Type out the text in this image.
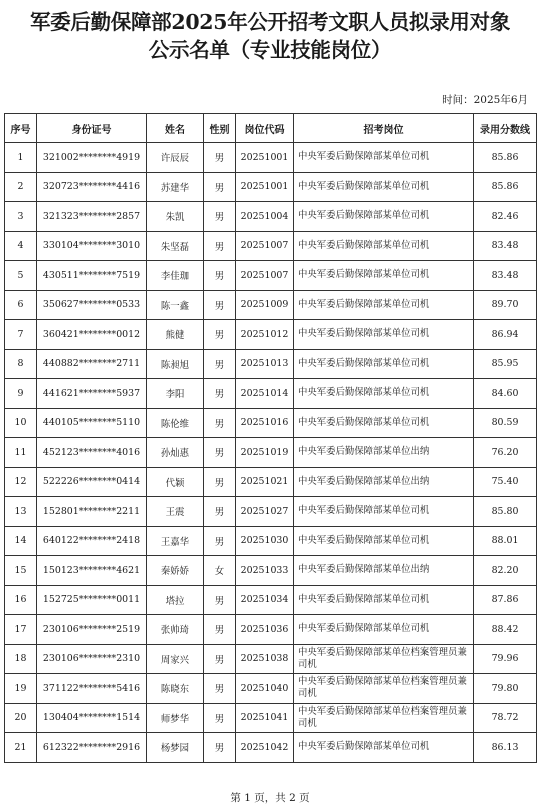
军委后勤保障部2025年公开招考文职人员拟录用对象
公示名单（专业技能岗位）
时间：2025年6月
序号	身份证号	姓名	性别	岗位代码	招考岗位	录用分数线
1	321002********4919	许辰辰	男	20251001	中央军委后勤保障部某单位司机	85.86
2	320723********4416	苏建华	男	20251001	中央军委后勤保障部某单位司机	85.86
3	321323********2857	朱凯	男	20251004	中央军委后勤保障部某单位司机	82.46
4	330104********3010	朱坚磊	男	20251007	中央军委后勤保障部某单位司机	83.48
5	430511********7519	李佳珈	男	20251007	中央军委后勤保障部某单位司机	83.48
6	350627********0533	陈一鑫	男	20251009	中央军委后勤保障部某单位司机	89.70
7	360421********0012	熊健	男	20251012	中央军委后勤保障部某单位司机	86.94
8	440882********2711	陈昶旭	男	20251013	中央军委后勤保障部某单位司机	85.95
9	441621********5937	李阳	男	20251014	中央军委后勤保障部某单位司机	84.60
10	440105********5110	陈伦维	男	20251016	中央军委后勤保障部某单位司机	80.59
11	452123********4016	孙灿惠	男	20251019	中央军委后勤保障部某单位出纳	76.20
12	522226********0414	代颖	男	20251021	中央军委后勤保障部某单位出纳	75.40
13	152801********2211	王震	男	20251027	中央军委后勤保障部某单位司机	85.80
14	640122********2418	王嘉华	男	20251030	中央军委后勤保障部某单位司机	88.01
15	150123********4621	秦娇娇	女	20251033	中央军委后勤保障部某单位出纳	82.20
16	152725********0011	塔拉	男	20251034	中央军委后勤保障部某单位司机	87.86
17	230106********2519	张帅琦	男	20251036	中央军委后勤保障部某单位司机	88.42
18	230106********2310	周家兴	男	20251038	中央军委后勤保障部某单位档案管理员兼司机	79.96
19	371122********5416	陈晓东	男	20251040	中央军委后勤保障部某单位档案管理员兼司机	79.80
20	130404********1514	师梦华	男	20251041	中央军委后勤保障部某单位档案管理员兼司机	78.72
21	612322********2916	杨梦园	男	20251042	中央军委后勤保障部某单位司机	86.13
第 1 页，共 2 页
